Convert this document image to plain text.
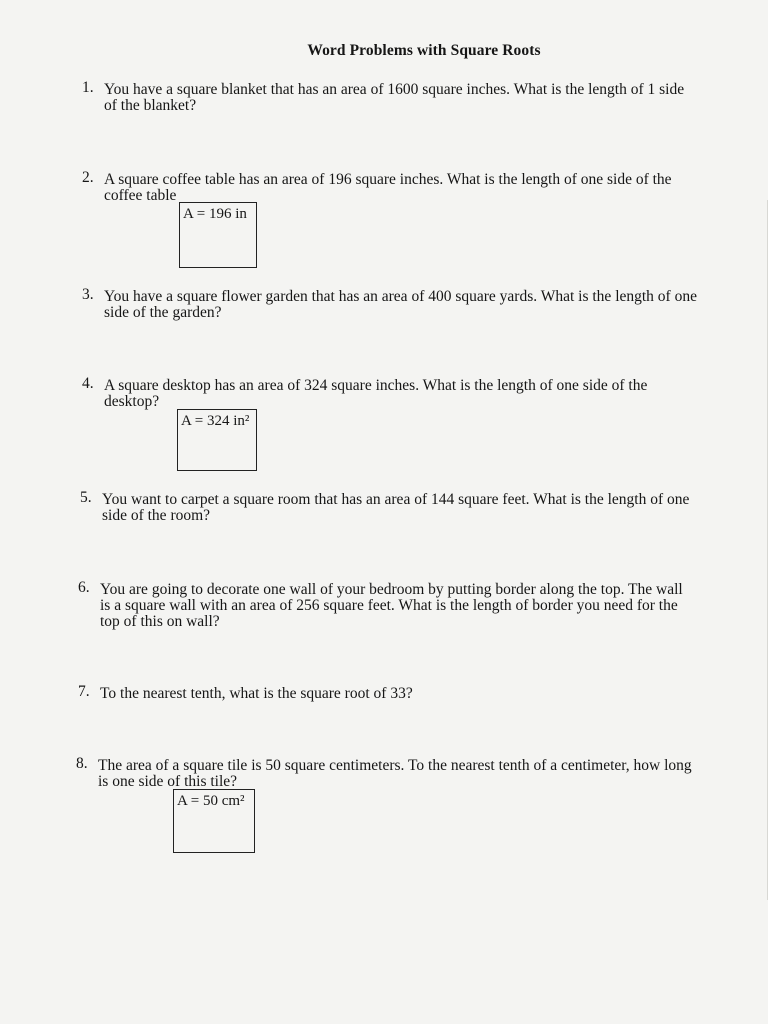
Word Problems with Square Roots
1. You have a square blanket that has an area of 1600 square inches. What is the length of 1 side
of the blanket?
2. A square coffee table has an area of 196 square inches. What is the length of one side of the
coffee table
A = 196 in
3. You have a square flower garden that has an area of 400 square yards. What is the length of one
side of the garden?
4. A square desktop has an area of 324 square inches. What is the length of one side of the
desktop?
A = 324 in²
5. You want to carpet a square room that has an area of 144 square feet. What is the length of one
side of the room?
6. You are going to decorate one wall of your bedroom by putting border along the top. The wall
is a square wall with an area of 256 square feet. What is the length of border you need for the
top of this on wall?
7. To the nearest tenth, what is the square root of 33?
8. The area of a square tile is 50 square centimeters. To the nearest tenth of a centimeter, how long
is one side of this tile?
A = 50 cm²
